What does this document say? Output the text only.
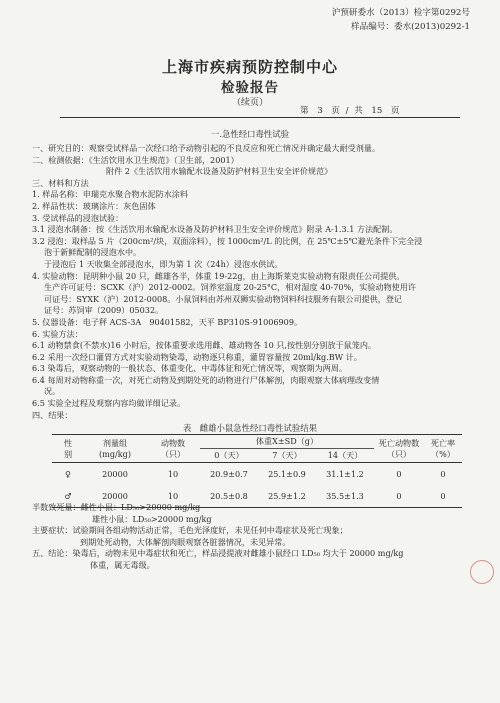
沪预研委水（2013）检字第0292号
样品编号：委水(2013)0292-1
上海市疾病预防控制中心
检验报告
（续页）
第　3　页 / 共　15　页
一.急性经口毒性试验

一、研究目的：观察受试样品一次经口给予动物引起的不良反应和死亡情况并确定最大耐受剂量。

二、检测依据：《生活饮用水卫生规范》（卫生部，2001）

附件 2《生活饮用水输配水设备及防护材料卫生安全评价规范》

三、材料和方法

1. 样品名称：申瑞克水聚合物水泥防水涂料

2. 样品性状：玻璃涂片：灰色固体

3. 受试样品的浸泡试验：

3.1 浸泡水制备：按《生活饮用水输配水设备及防护材料卫生安全评价规范》附录 A-1.3.1 方法配制。

3.2 浸泡：取样品 5 片（200cm²/块，双面涂料），按 1000cm²/L 的比例，在 25℃±5℃避光条件下完全浸

泡于新鲜配制的浸泡水中。

于浸泡后 1 天收集全部浸泡水，即为第 1 次（24h）浸泡水供试。

4. 实验动物：昆明种小鼠 20 只，雌雄各半，体重 19-22g，由上海斯莱克实验动物有限责任公司提供。

生产许可证号：SCXK（沪）2012-0002。饲养室温度 20-25°C，相对湿度 40-70%，实验动物使用许

可证号：SYXK（沪）2012-0008。小鼠饲料由苏州双狮实验动物饲料科技服务有限公司提供，登记

证号：苏饲审（2009）05032。

5. 仪器设备：电子秤 ACS-3A　90401582，天平 BP310S-91006909。

6. 实验方法：

6.1 动物禁食(不禁水)16 小时后，按体重要求选用雌、雄动物各 10 只,按性别分别放于鼠笼内。

6.2 采用一次经口灌胃方式对实验动物染毒，动物逐只称重，灌胃容量按 20ml/kg.BW 计。

6.3 染毒后，观察动物的一般状态、体重变化、中毒体征和死亡情况等，观察期为两周。

6.4 每周对动物称重一次，对死亡动物及到期处死的动物进行尸体解剖，肉眼观察大体病理改变情

况。

6.5 实验全过程及观察内容均做详细记录。

四、结果：

表　雌雄小鼠急性经口毒性试验结果
性
别	剂量组
(mg/kg)	动物数
（只）	体重X±SD（g）			死亡动物数
（只）	死亡率
（%）
			0（天）	7（天）	14（天）		

♀	20000	10	20.9±0.7	25.1±0.9	31.1±1.2	0	0
♂	20000	10	20.5±0.8	25.9±1.2	35.5±1.3	0	0

半数致死量：雌性小鼠：LD₅₀>20000 mg/kg

雄性小鼠：LD₅₀>20000 mg/kg

主要症状：试验期间各组动物活动正常，毛色光泽度好，未见任何中毒症状及死亡现象；

到期处死动物，大体解剖肉眼观察各脏器情况，未见异常。

五、结论：染毒后，动物未见中毒症状和死亡，样品浸提液对雌雄小鼠经口 LD₅₀ 均大于 20000 mg/kg

体重，属无毒级。
